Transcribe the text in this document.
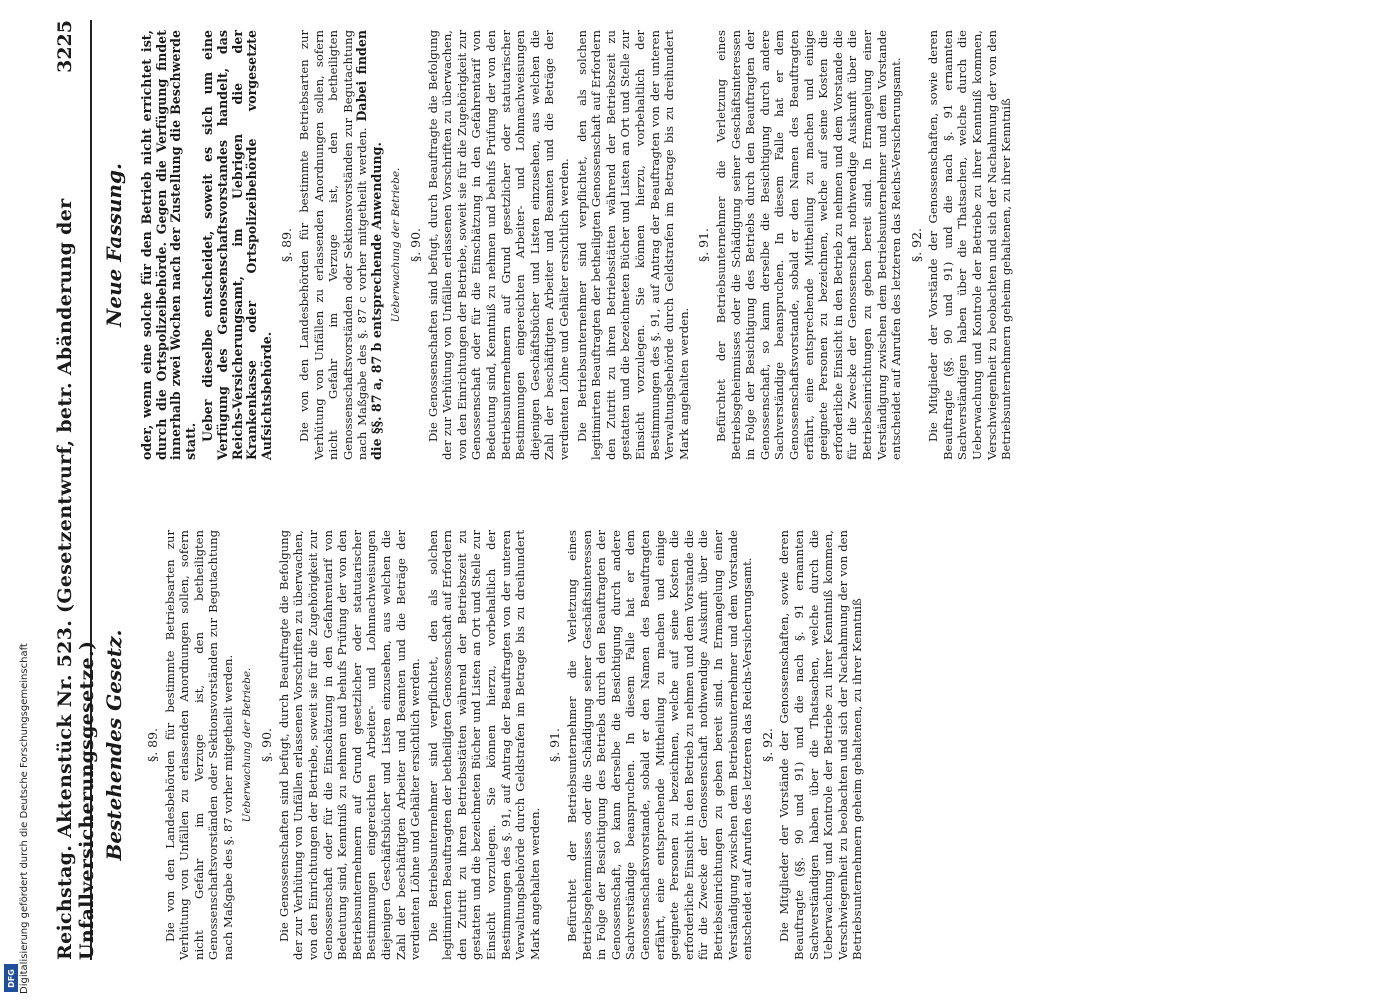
Reichstag. Aktenstück Nr. 523. (Gesetzentwurf, betr. Abänderung der Unfallversicherungsgesetze.)
3225
Bestehendes Gesetz.
Neue Fassung.
§. 89. Die von den Landesbehörden für bestimmte Betriebsarten zur Verhütung von Unfällen zu erlassenden Anordnungen sollen, sofern nicht Gefahr im Verzuge ist, den betheiligten Genossenschaftsvorständen oder Sektionsvorständen zur Begutachtung nach Maßgabe des §. 87 vorher mitgetheilt werden. Ueberwachung der Betriebe. §. 90. Die Genossenschaften sind befugt, durch Beauftragte die Befolgung der zur Verhütung von Unfällen erlassenen Vorschriften zu überwachen, von den Einrichtungen der Betriebe, soweit sie für die Zugehörigkeit zur Genossenschaft oder für die Einschätzung in den Gefahrentarif von Bedeutung sind, Kenntniß zu nehmen und behufs Prüfung der von den Betriebsunternehmern auf Grund gesetzlicher oder statutarischer Bestimmungen eingereichten Arbeiter- und Lohnnachweisungen diejenigen Geschäftsbücher und Listen einzusehen, aus welchen die Zahl der beschäftigten Arbeiter und Beamten und die Beträge der verdienten Löhne und Gehälter ersichtlich werden. Die Betriebsunternehmer sind verpflichtet, den als solchen legitimirten Beauftragten der betheiligten Genossenschaft auf Erfordern den Zutritt zu ihren Betriebsstätten während der Betriebszeit zu gestatten und die bezeichneten Bücher und Listen an Ort und Stelle zur Einsicht vorzulegen. Sie können hierzu, vorbehaltlich der Bestimmungen des §. 91, auf Antrag der Beauftragten von der unteren Verwaltungsbehörde durch Geldstrafen im Betrage bis zu dreihundert Mark angehalten werden.

§. 91. Befürchtet der Betriebsunternehmer die Verletzung eines Betriebsgeheimnisses oder die Schädigung seiner Geschäftsinteressen in Folge der Besichtigung des Betriebs durch den Beauftragten der Genossenschaft, so kann derselbe die Besichtigung durch andere Sachverständige beanspruchen. In diesem Falle hat er dem Genossenschaftsvorstande, sobald er den Namen des Beauftragten erfährt, eine entsprechende Mittheilung zu machen und einige geeignete Personen zu bezeichnen, welche auf seine Kosten die erforderliche Einsicht in den Betrieb zu nehmen und dem Vorstande die für die Zwecke der Genossenschaft nothwendige Auskunft über die Betriebseinrichtungen zu geben bereit sind. In Ermangelung einer Verständigung zwischen dem Betriebsunternehmer und dem Vorstande entscheidet auf Anrufen des letzteren das Reichs-Versicherungsamt. §. 92. Die Mitglieder der Vorstände der Genossenschaften, sowie deren Beauftragte (§§. 90 und 91) und die nach §. 91 ernannten Sachverständigen haben über die Thatsachen, welche durch die Ueberwachung und Kontrole der Betriebe zu ihrer Kenntniß kommen, Verschwiegenheit zu beobachten und sich der Nachahmung der von den Betriebsunternehmern geheim gehaltenen, zu ihrer Kenntniß

oder, wenn eine solche für den Betrieb nicht errichtet ist, durch die Ortspolizeibehörde. Gegen die Verfügung findet innerhalb zwei Wochen nach der Zustellung die Beschwerde statt. Ueber dieselbe entscheidet, soweit es sich um eine Verfügung des Genossenschaftsvorstandes handelt, das Reichs-Versicherungsamt, im Uebrigen die der Krankenkasse oder Ortspolizeibehörde vorgesetzte Aufsichtsbehörde.

§. 89. Die von den Landesbehörden für bestimmte Betriebsarten zur Verhütung von Unfällen zu erlassenden Anordnungen sollen, sofern nicht Gefahr im Verzuge ist, den betheiligten Genossenschaftsvorständen oder Sektionsvorständen zur Begutachtung nach Maßgabe des §. 87 c vorher mitgetheilt werden. Dabei finden die §§. 87 a, 87 b entsprechende Anwendung. Ueberwachung der Betriebe. §. 90. Die Genossenschaften sind befugt, durch Beauftragte die Befolgung der zur Verhütung von Unfällen erlassenen Vorschriften zu überwachen, von den Einrichtungen der Betriebe, soweit sie für die Zugehörigkeit zur Genossenschaft oder für die Einschätzung in den Gefahrentarif von Bedeutung sind, Kenntniß zu nehmen und behufs Prüfung der von den Betriebsunternehmern auf Grund gesetzlicher oder statutarischer Bestimmungen eingereichten Arbeiter- und Lohnnachweisungen diejenigen Geschäftsbücher und Listen einzusehen, aus welchen die Zahl der beschäftigten Arbeiter und Beamten und die Beträge der verdienten Löhne und Gehälter ersichtlich werden. Die Betriebsunternehmer sind verpflichtet, den als solchen legitimirten Beauftragten der betheiligten Genossenschaft auf Erfordern den Zutritt zu ihren Betriebsstätten während der Betriebszeit zu gestatten und die bezeichneten Bücher und Listen an Ort und Stelle zur Einsicht vorzulegen. Sie können hierzu, vorbehaltlich der Bestimmungen des §. 91, auf Antrag der Beauftragten von der unteren Verwaltungsbehörde durch Geldstrafen im Betrage bis zu dreihundert Mark angehalten werden.

§. 91. Befürchtet der Betriebsunternehmer die Verletzung eines Betriebsgeheimnisses oder die Schädigung seiner Geschäftsinteressen in Folge der Besichtigung des Betriebs durch den Beauftragten der Genossenschaft, so kann derselbe die Besichtigung durch andere Sachverständige beanspruchen. In diesem Falle hat er dem Genossenschaftsvorstande, sobald er den Namen des Beauftragten erfährt, eine entsprechende Mittheilung zu machen und einige geeignete Personen zu bezeichnen, welche auf seine Kosten die erforderliche Einsicht in den Betrieb zu nehmen und dem Vorstande die für die Zwecke der Genossenschaft nothwendige Auskunft über die Betriebseinrichtungen zu geben bereit sind. In Ermangelung einer Verständigung zwischen dem Betriebsunternehmer und dem Vorstande entscheidet auf Anrufen des letzteren das Reichs-Versicherungsamt. §. 92. Die Mitglieder der Vorstände der Genossenschaften, sowie deren Beauftragte (§§. 90 und 91) und die nach §. 91 ernannten Sachverständigen haben über die Thatsachen, welche durch die Ueberwachung und Kontrole der Betriebe zu ihrer Kenntniß kommen, Verschwiegenheit zu beobachten und sich der Nachahmung der von den Betriebsunternehmern geheim gehaltenen, zu ihrer Kenntniß

Digitalisierung gefördert durch die Deutsche Forschungsgemeinschaft
DFG
